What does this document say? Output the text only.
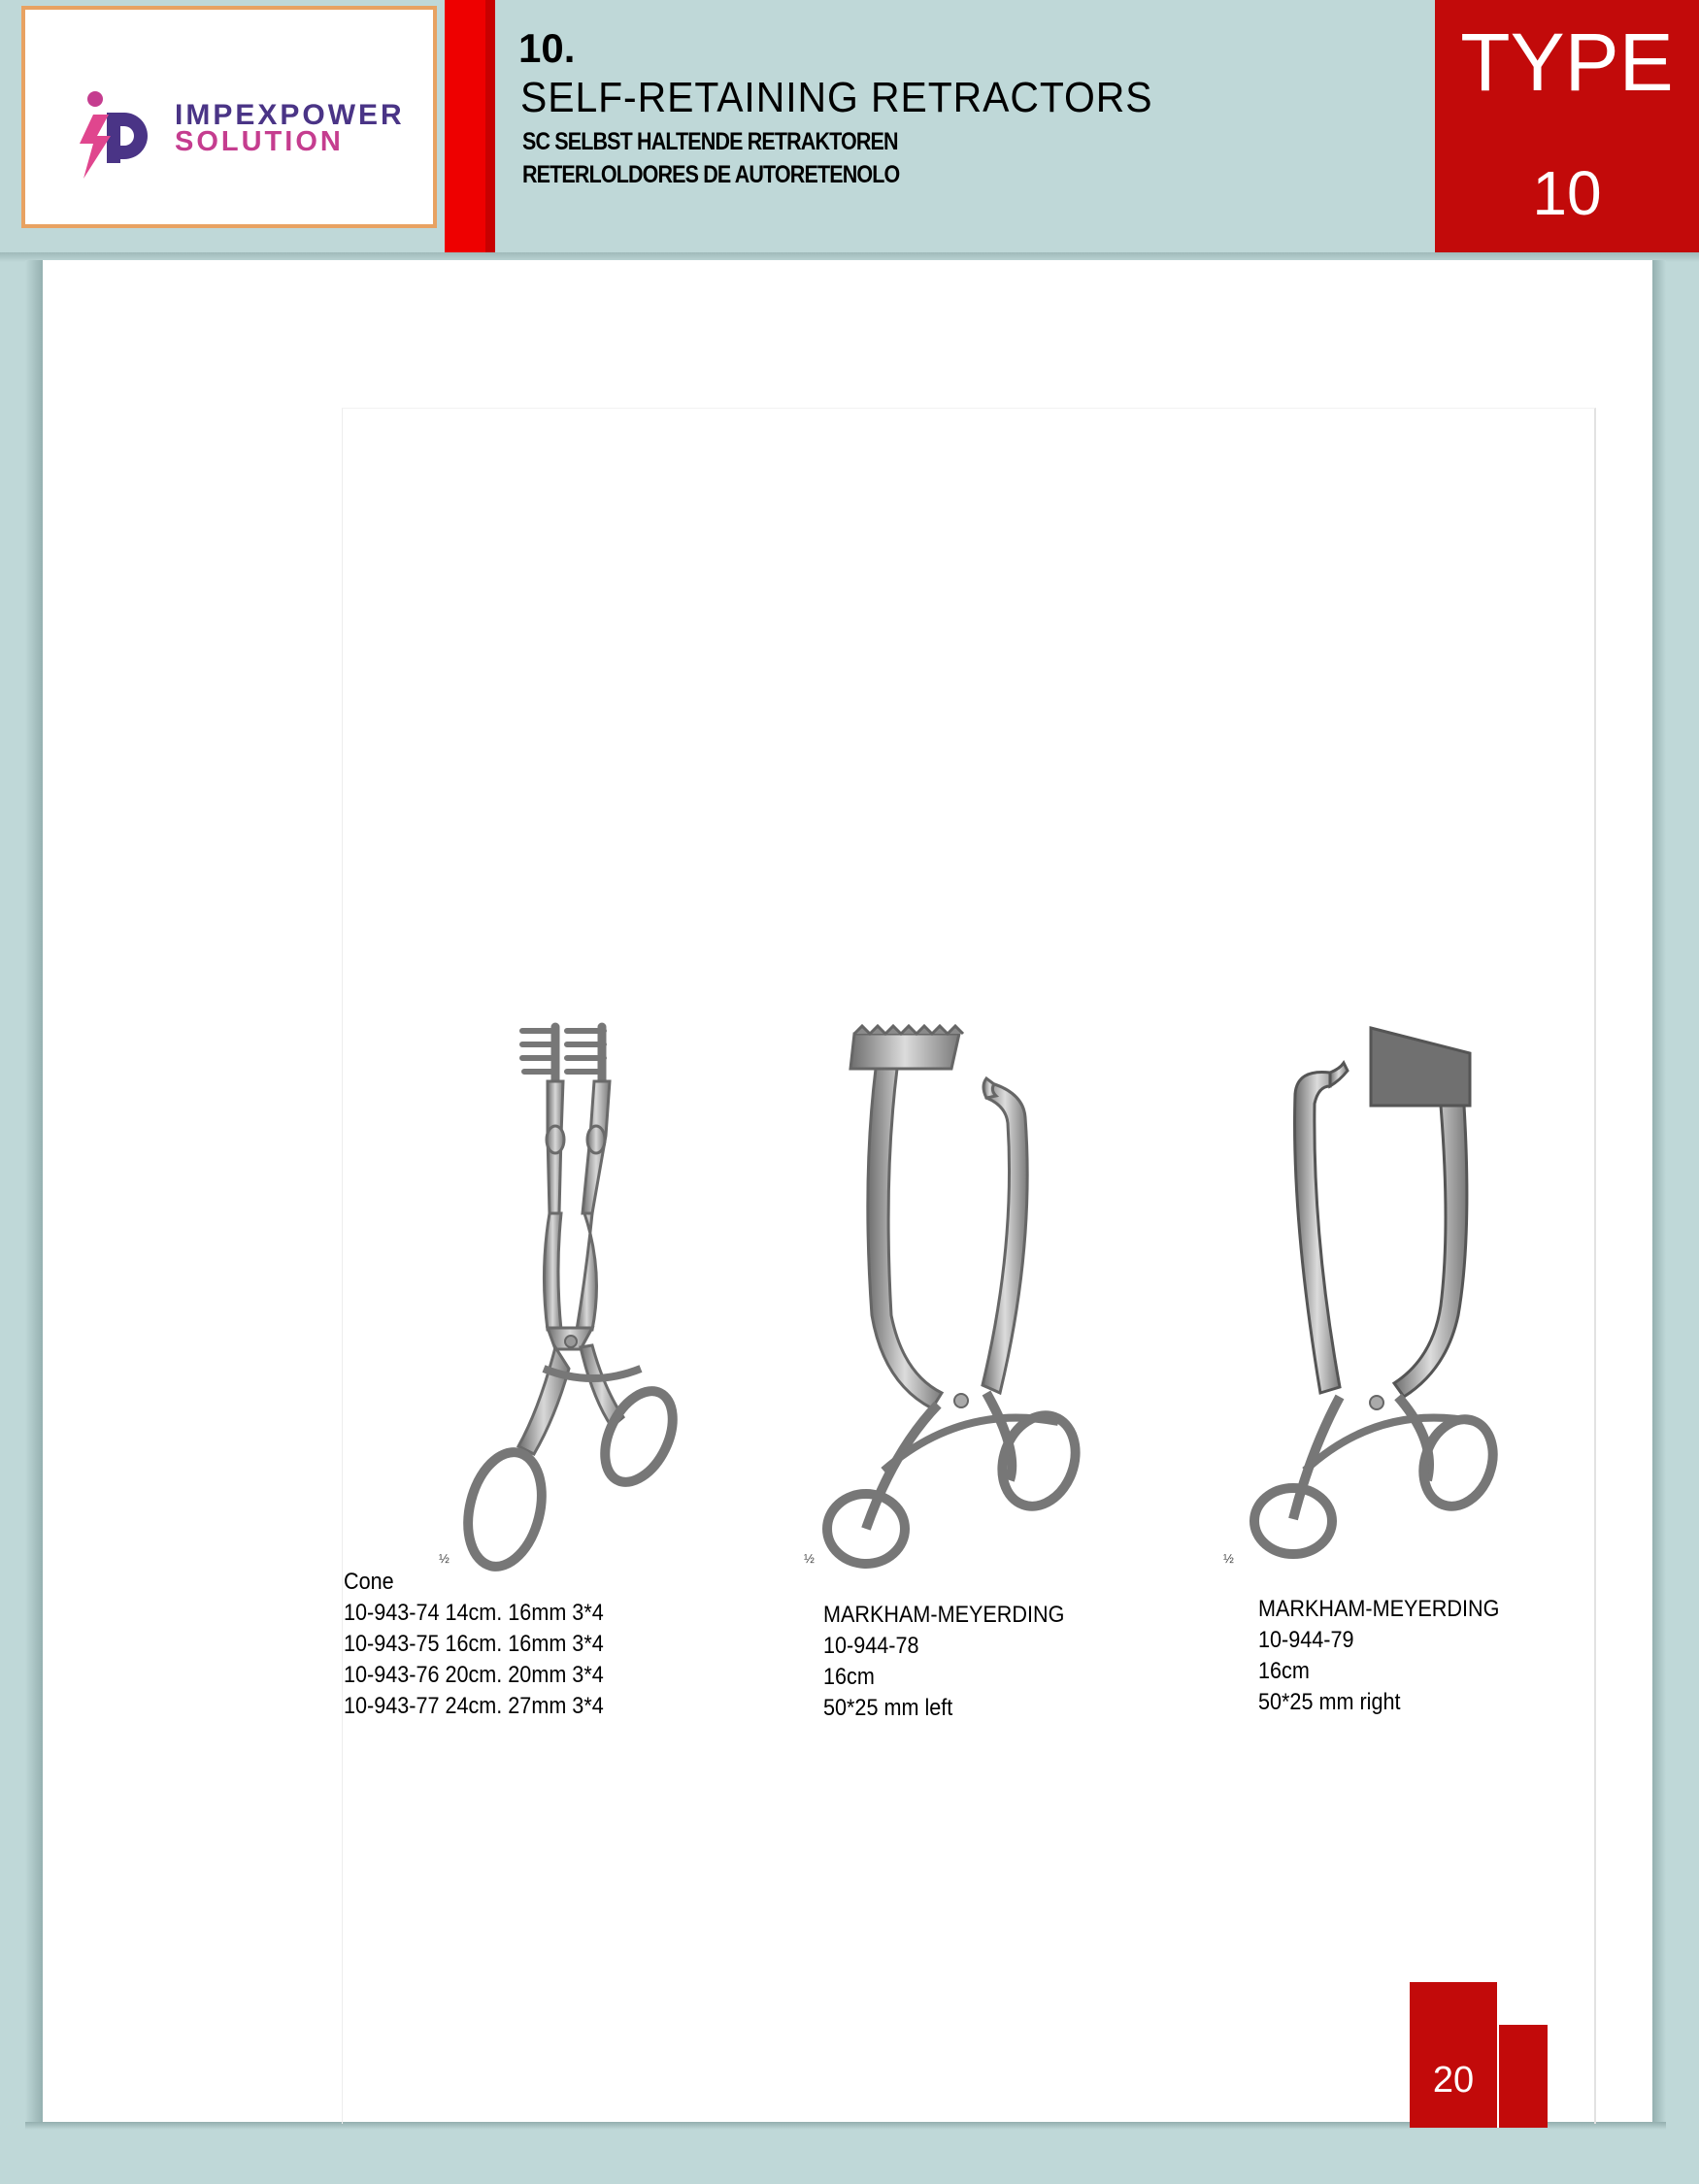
IMPEXPOWER
SOLUTION
10.
SELF-RETAINING RETRACTORS
SC SELBST HALTENDE RETRAKTOREN
RETERLOLDORES DE AUTORETENOLO
TYPE
10
½	½	½
Cone
10-943-74 14cm. 16mm 3*4
10-943-75 16cm. 16mm 3*4
10-943-76 20cm. 20mm 3*4
10-943-77 24cm. 27mm 3*4
MARKHAM-MEYERDING
10-944-78
16cm
50*25 mm left
MARKHAM-MEYERDING
10-944-79
16cm
50*25 mm right
20
